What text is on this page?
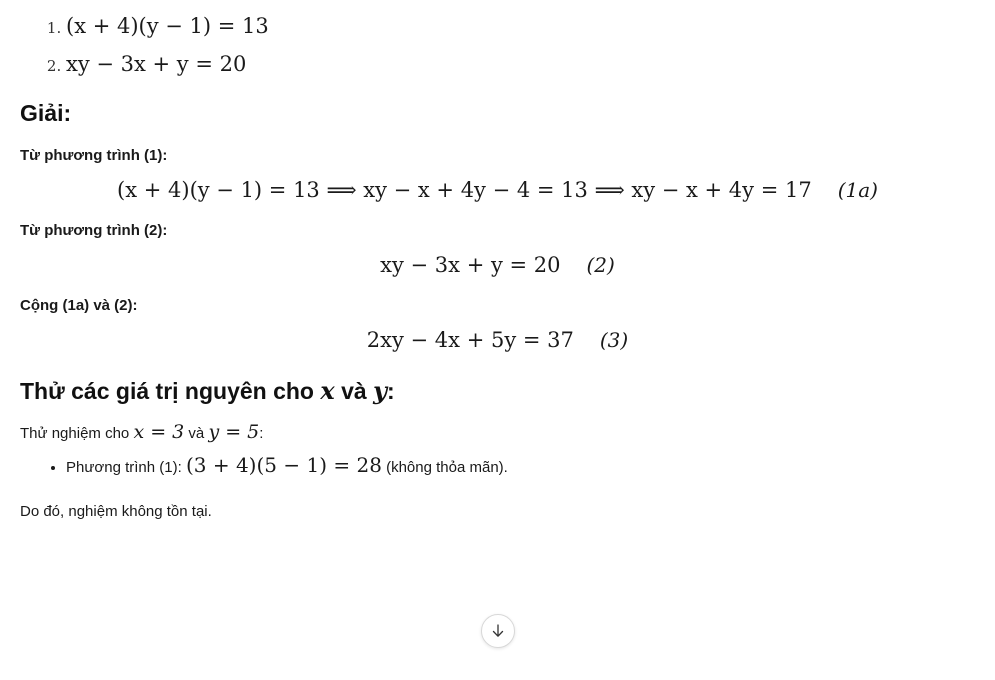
1. (x + 4)(y − 1) = 13
2. xy − 3x + y = 20
Giải:
Từ phương trình (1):
(x + 4)(y − 1) = 13 ⟹ xy − x + 4y − 4 = 13 ⟹ xy − x + 4y = 17 (1a)
Từ phương trình (2):
xy − 3x + y = 20 (2)
Cộng (1a) và (2):
2xy − 4x + 5y = 37 (3)
Thử các giá trị nguyên cho x và y:

Thử nghiệm cho x = 3 và y = 5:

• Phương trình (1): (3 + 4)(5 − 1) = 28 (không thỏa mãn).

Do đó, nghiệm không tồn tại.
